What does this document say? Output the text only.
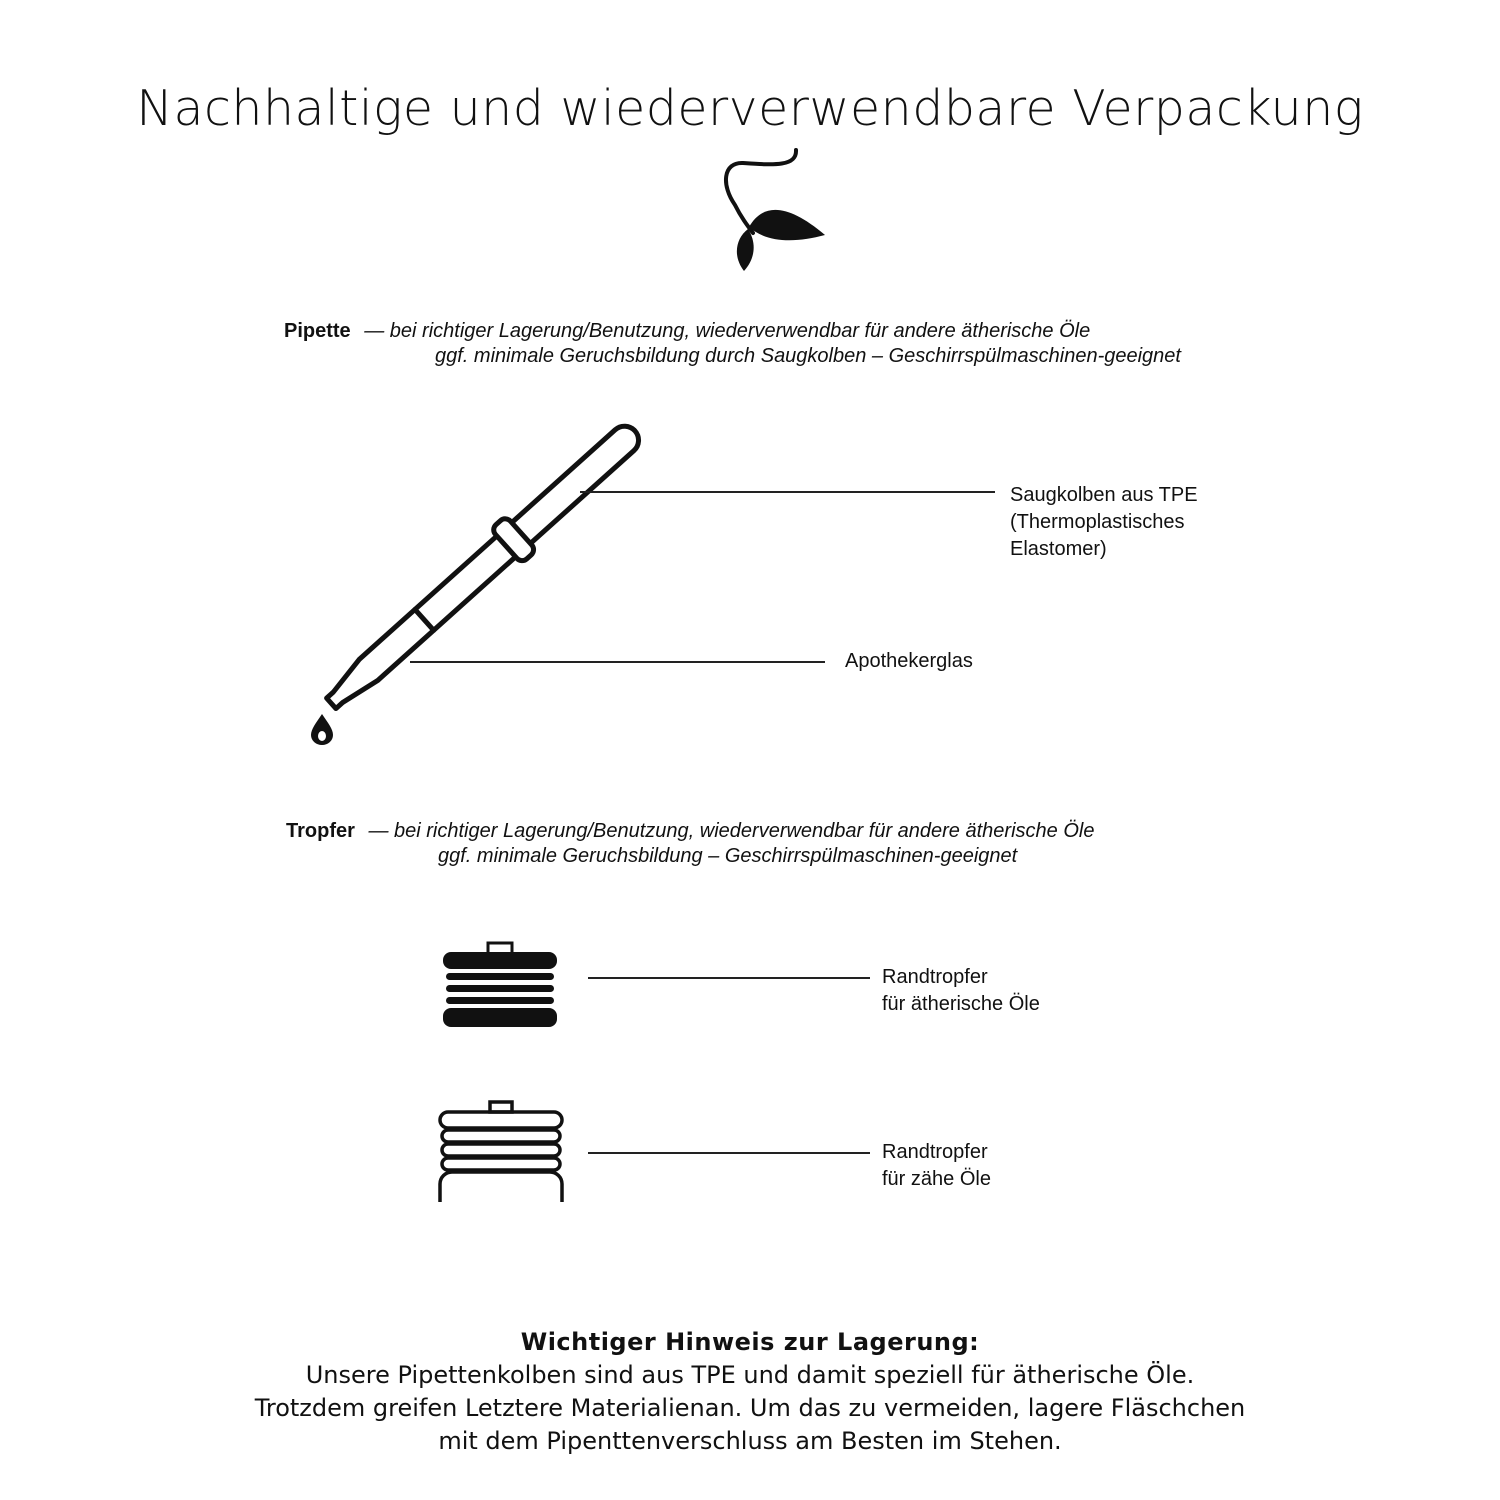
Nachhaltige und wiederverwendbare Verpackung
Pipette — bei richtiger Lagerung/Benutzung, wiederverwendbar für andere ätherische Öle
ggf. minimale Geruchsbildung durch Saugkolben – Geschirrspülmaschinen-geeignet
Saugkolben aus TPE
(Thermoplastisches
Elastomer)
Apothekerglas
Tropfer — bei richtiger Lagerung/Benutzung, wiederverwendbar für andere ätherische Öle
ggf. minimale Geruchsbildung – Geschirrspülmaschinen-geeignet
Randtropfer
für ätherische Öle
Randtropfer
für zähe Öle
Wichtiger Hinweis zur Lagerung:
Unsere Pipettenkolben sind aus TPE und damit speziell für ätherische Öle.
Trotzdem greifen Letztere Materialienan. Um das zu vermeiden, lagere Fläschchen
mit dem Pipenttenverschluss am Besten im Stehen.
